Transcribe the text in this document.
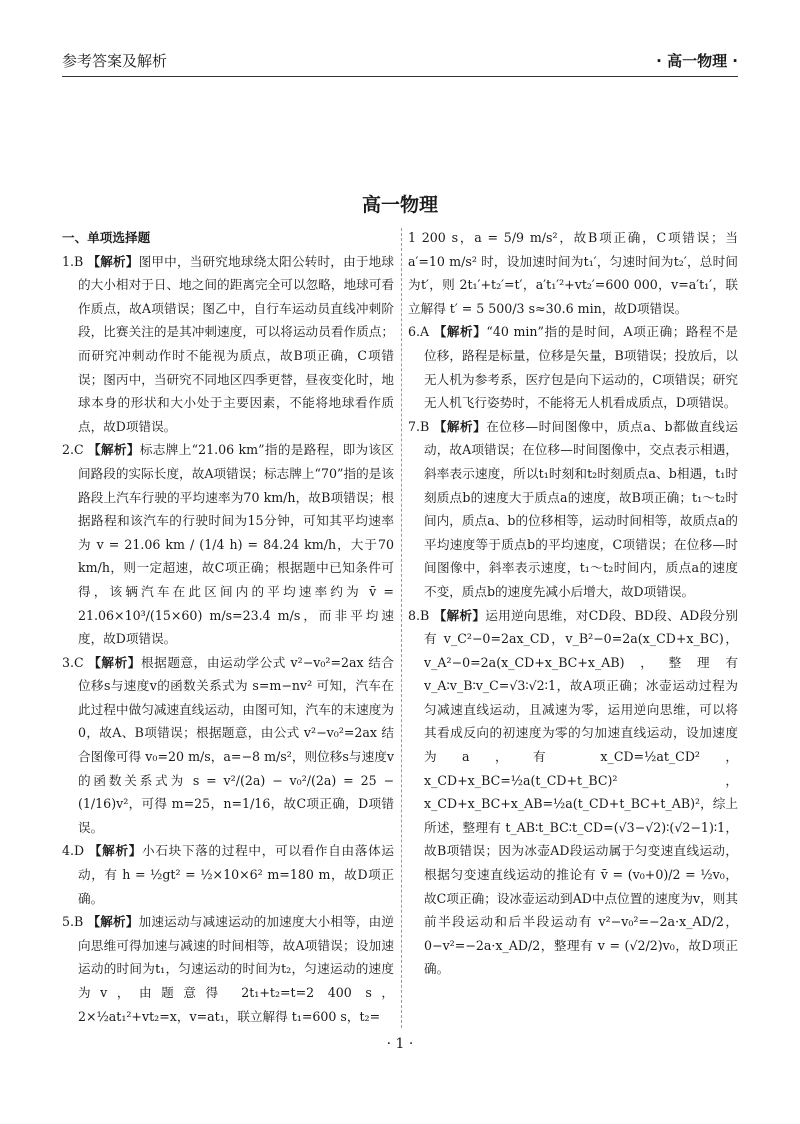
参考答案及解析	· 高一物理 ·
高一物理
一、单项选择题

1.B 【解析】图甲中，当研究地球绕太阳公转时，由于地球的大小相对于日、地之间的距离完全可以忽略，地球可看作质点，故A项错误；图乙中，自行车运动员直线冲刺阶段，比赛关注的是其冲刺速度，可以将运动员看作质点；而研究冲刺动作时不能视为质点，故B项正确，C项错误；图丙中，当研究不同地区四季更替，昼夜变化时，地球本身的形状和大小处于主要因素，不能将地球看作质点，故D项错误。

2.C 【解析】标志牌上“21.06 km”指的是路程，即为该区间路段的实际长度，故A项错误；标志牌上“70”指的是该路段上汽车行驶的平均速率为70 km/h，故B项错误；根据路程和该汽车的行驶时间为15分钟，可知其平均速率为 v = 21.06 km / (1/4 h) = 84.24 km/h，大于70 km/h，则一定超速，故C项正确；根据题中已知条件可得，该辆汽车在此区间内的平均速率约为 v̄ = 21.06×10³/(15×60) m/s=23.4 m/s，而非平均速度，故D项错误。

3.C 【解析】根据题意，由运动学公式 v²−v₀²=2ax 结合位移s与速度v的函数关系式为 s=m−nv² 可知，汽车在此过程中做匀减速直线运动，由图可知，汽车的末速度为0，故A、B项错误；根据题意，由公式 v²−v₀²=2ax 结合图像可得 v₀=20 m/s，a=−8 m/s²，则位移s与速度v的函数关系式为 s = v²/(2a) − v₀²/(2a) = 25 − (1/16)v²，可得 m=25，n=1/16，故C项正确，D项错误。

4.D 【解析】小石块下落的过程中，可以看作自由落体运动，有 h = ½gt² = ½×10×6² m=180 m，故D项正确。

5.B 【解析】加速运动与减速运动的加速度大小相等，由逆向思维可得加速与减速的时间相等，故A项错误；设加速运动的时间为t₁，匀速运动的时间为t₂，匀速运动的速度为v，由题意得 2t₁+t₂=t=2 400 s，2×½at₁²+vt₂=x，v=at₁，联立解得 t₁=600 s，t₂=

1 200 s，a = 5/9 m/s²，故B项正确，C项错误；当 a′=10 m/s² 时，设加速时间为t₁′，匀速时间为t₂′，总时间为t′，则 2t₁′+t₂′=t′，a′t₁′²+vt₂′=600 000，v=a′t₁′，联立解得 t′ = 5 500/3 s≈30.6 min，故D项错误。

6.A 【解析】“40 min”指的是时间，A项正确；路程不是位移，路程是标量，位移是矢量，B项错误；投放后，以无人机为参考系，医疗包是向下运动的，C项错误；研究无人机飞行姿势时，不能将无人机看成质点，D项错误。

7.B 【解析】在位移—时间图像中，质点a、b都做直线运动，故A项错误；在位移—时间图像中，交点表示相遇，斜率表示速度，所以t₁时刻和t₂时刻质点a、b相遇，t₁时刻质点b的速度大于质点a的速度，故B项正确；t₁～t₂时间内，质点a、b的位移相等，运动时间相等，故质点a的平均速度等于质点b的平均速度，C项错误；在位移—时间图像中，斜率表示速度，t₁～t₂时间内，质点a的速度不变，质点b的速度先减小后增大，故D项错误。

8.B 【解析】运用逆向思维，对CD段、BD段、AD段分别有 v_C²−0=2ax_CD，v_B²−0=2a(x_CD+x_BC)，v_A²−0=2a(x_CD+x_BC+x_AB)，整理有 v_A∶v_B∶v_C=√3∶√2∶1，故A项正确；冰壶运动过程为匀减速直线运动，且减速为零，运用逆向思维，可以将其看成反向的初速度为零的匀加速直线运动，设加速度为a，有 x_CD=½at_CD²，x_CD+x_BC=½a(t_CD+t_BC)²，x_CD+x_BC+x_AB=½a(t_CD+t_BC+t_AB)²，综上所述，整理有 t_AB∶t_BC∶t_CD=(√3−√2)∶(√2−1)∶1，故B项错误；因为冰壶AD段运动属于匀变速直线运动，根据匀变速直线运动的推论有 v̄ = (v₀+0)/2 = ½v₀，故C项正确；设冰壶运动到AD中点位置的速度为v，则其前半段运动和后半段运动有 v²−v₀²=−2a·x_AD/2，0−v²=−2a·x_AD/2，整理有 v = (√2/2)v₀，故D项正确。

· 1 ·
